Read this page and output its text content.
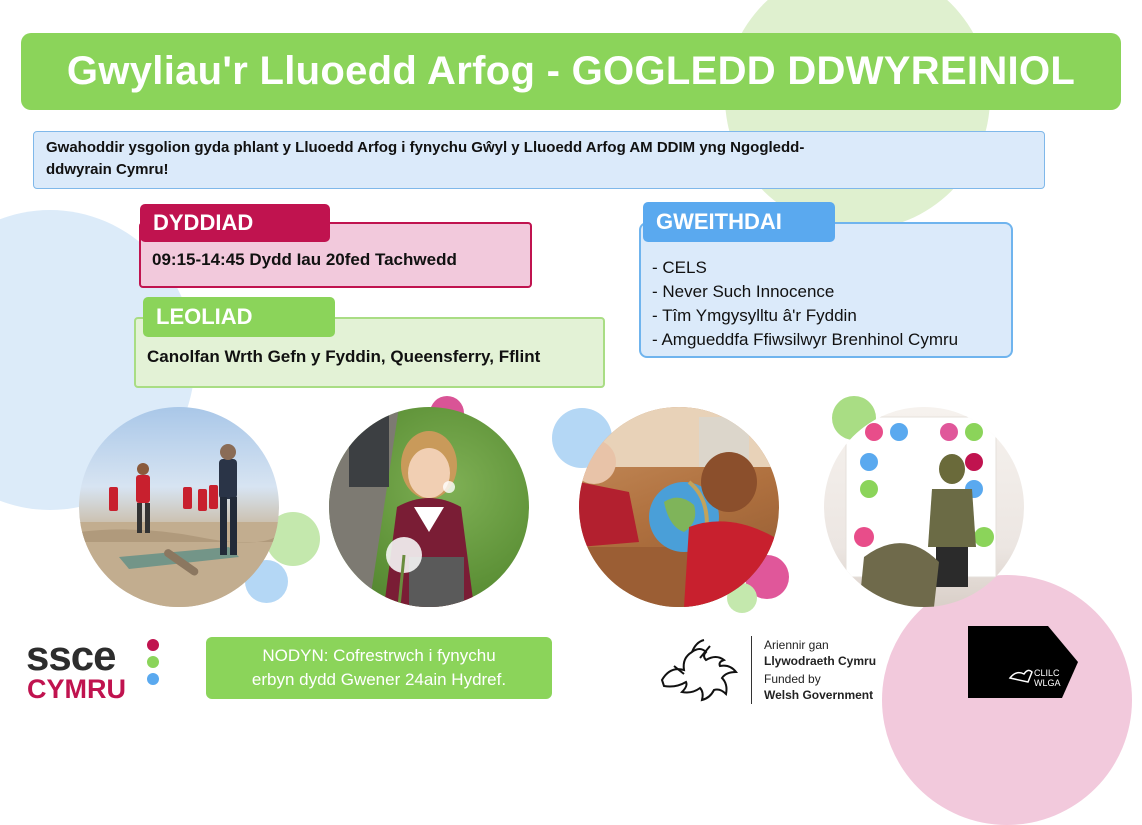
Gwyliau'r Lluoedd Arfog - GOGLEDD DDWYREINIOL
Gwahoddir ysgolion gyda phlant y Lluoedd Arfog i fynychu Gŵyl y Lluoedd Arfog AM DDIM yng Ngogledd-
ddwyrain Cymru!
DYDDIAD
09:15-14:45 Dydd Iau 20fed Tachwedd
LEOLIAD
Canolfan Wrth Gefn y Fyddin, Queensferry, Fflint
GWEITHDAI
- CELS
- Never Such Innocence
- Tîm Ymgysylltu â'r Fyddin
- Amgueddfa Ffiwsilwyr Brenhinol Cymru
ssce
CYMRU
NODYN: Cofrestrwch i fynychu
erbyn dydd Gwener 24ain Hydref.
Ariennir gan
Llywodraeth Cymru
Funded by
Welsh Government
CLILC
WLGA
